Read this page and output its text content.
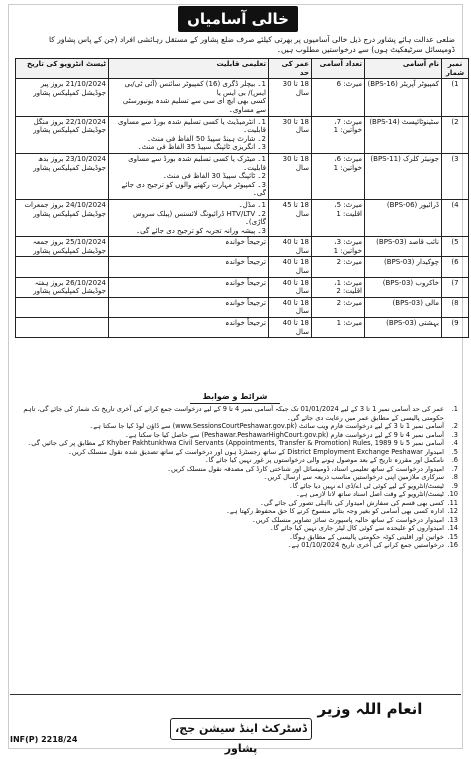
خالی آسامیاں
ضلعی عدالت ہائے پشاور درج ذیل خالی آسامیوں پر بھرتی کیلئے صرف ضلع پشاور کے مستقل رہائشی افراد (جن کے پاس پشاور کا ڈومیسائل سرٹیفکیٹ ہوں) سے درخواستیں مطلوب ہیں۔
نمبر شمار	نام آسامی	تعداد آسامی	عمر کی حد	تعلیمی قابلیت	ٹیسٹ انٹرویو کی تاریخ
1)	کمپیوٹر آپریٹر (BPS-16)	میرٹ: 6	18 تا 30 سال	1۔ بیچلر ڈگری (16) کمپیوٹر سائنس (آئی ٹی/بی ایس)/ بی ایس یا
کسی بھی ایچ ای سی سے تسلیم شدہ یونیورسٹی سے مساوی۔	21/10/2024 بروز پیر
جوڈیشل کمپلیکس پشاور

2)	سٹینوٹائپسٹ (BPS-14)	میرٹ: 7، خواتین: 1	18 تا 30 سال	1۔ انٹرمیڈیٹ یا کسی تسلیم شدہ بورڈ سے مساوی قابلیت۔
2۔ شارٹ ہینڈ سپیڈ 50 الفاظ فی منٹ۔
3۔ انگریزی ٹائپنگ سپیڈ 35 الفاظ فی منٹ۔	22/10/2024 بروز منگل
جوڈیشل کمپلیکس پشاور

3)	جونیئر کلرک (BPS-11)	میرٹ: 6، خواتین: 1	18 تا 30 سال	1۔ میٹرک یا کسی تسلیم شدہ بورڈ سے مساوی قابلیت۔
2۔ ٹائپنگ سپیڈ 30 الفاظ فی منٹ۔
3۔ کمپیوٹر مہارت رکھنے والوں کو ترجیح دی جائے گی۔	23/10/2024 بروز بدھ
جوڈیشل کمپلیکس پشاور

4)	ڈرائیور (BPS-06)	میرٹ: 5، اقلیت: 1	18 تا 45 سال	1۔ مڈل۔
2۔ HTV/LTV ڈرائیونگ لائسنس (پبلک سروس گاڑی)۔
3۔ پیشہ ورانہ تجربہ کو ترجیح دی جائے گی۔	24/10/2024 بروز جمعرات
جوڈیشل کمپلیکس پشاور

5)	نائب قاصد (BPS-03)	میرٹ: 3، خواتین: 1	18 تا 40 سال	ترجیحاً خواندہ	25/10/2024 بروز جمعہ
جوڈیشل کمپلیکس پشاور

6)	چوکیدار (BPS-03)	میرٹ: 2	18 تا 40 سال	ترجیحاً خواندہ	

7)	خاکروب (BPS-03)	میرٹ: 1، اقلیت: 2	18 تا 40 سال	ترجیحاً خواندہ	26/10/2024 بروز ہفتہ
جوڈیشل کمپلیکس پشاور

8)	مالی (BPS-03)	میرٹ: 2	18 تا 40 سال	ترجیحاً خواندہ	

9)	بہشتی (BPS-03)	میرٹ: 1	18 تا 40 سال	ترجیحاً خواندہ	

شرائط و ضوابط
1.
عمر کی حد آسامی نمبر 1 تا 3 کے لیے 01/01/2024 تک جبکہ آسامی نمبر 4 تا 9 کے لیے درخواست جمع کرانے کی آخری تاریخ تک شمار کی جائے گی، تاہم حکومتی پالیسی کے مطابق عمر میں رعایت دی جائے گی۔
2.
آسامی نمبر 1 تا 3 کے لیے درخواست فارم ویب سائٹ (www.SessionsCourtPeshawar.gov.pk) سے ڈاؤن لوڈ کیا جا سکتا ہے۔
3.
آسامی نمبر 4 تا 9 کے لیے درخواست فارم (Peshawar.PeshawarHighCourt.gov.pk) سے حاصل کیا جا سکتا ہے۔
4.
آسامی نمبر 5 تا 9 Khyber Pakhtunkhwa Civil Servants (Appointments, Transfer & Promotion) Rules, 1989 کے مطابق پر کی جائیں گی۔
5.
امیدوار District Employment Exchange Peshawar کے ساتھ رجسٹرڈ ہوں اور درخواست کے ساتھ تصدیق شدہ نقول منسلک کریں۔
6.
نامکمل اور مقررہ تاریخ کے بعد موصول ہونے والی درخواستوں پر غور نہیں کیا جائے گا۔
7.
امیدوار درخواست کے ساتھ تعلیمی اسناد، ڈومیسائل اور شناختی کارڈ کی مصدقہ نقول منسلک کریں۔
8.
سرکاری ملازمین اپنی درخواستیں مناسب ذریعہ سے ارسال کریں۔
9.
ٹیسٹ/انٹرویو کے لیے کوئی ٹی اے/ڈی اے نہیں دیا جائے گا۔
10.
ٹیسٹ/انٹرویو کے وقت اصل اسناد ساتھ لانا لازمی ہے۔
11.
کسی بھی قسم کی سفارش امیدوار کی نااہلی تصور کی جائے گی۔
12.
ادارہ کسی بھی آسامی کو بغیر وجہ بتائے منسوخ کرنے کا حق محفوظ رکھتا ہے۔
13.
امیدوار درخواست کے ساتھ حالیہ پاسپورٹ سائز تصاویر منسلک کریں۔
14.
امیدواروں کو علیحدہ سے کوئی کال لیٹر جاری نہیں کیا جائے گا۔
15.
خواتین اور اقلیتی کوٹہ حکومتی پالیسی کے مطابق ہوگا۔
16.
درخواستیں جمع کرانے کی آخری تاریخ 01/10/2024 ہے۔
انعام اللہ وزیر
ڈسٹرکٹ اینڈ سیشن جج، پشاور
INF(P) 2218/24
